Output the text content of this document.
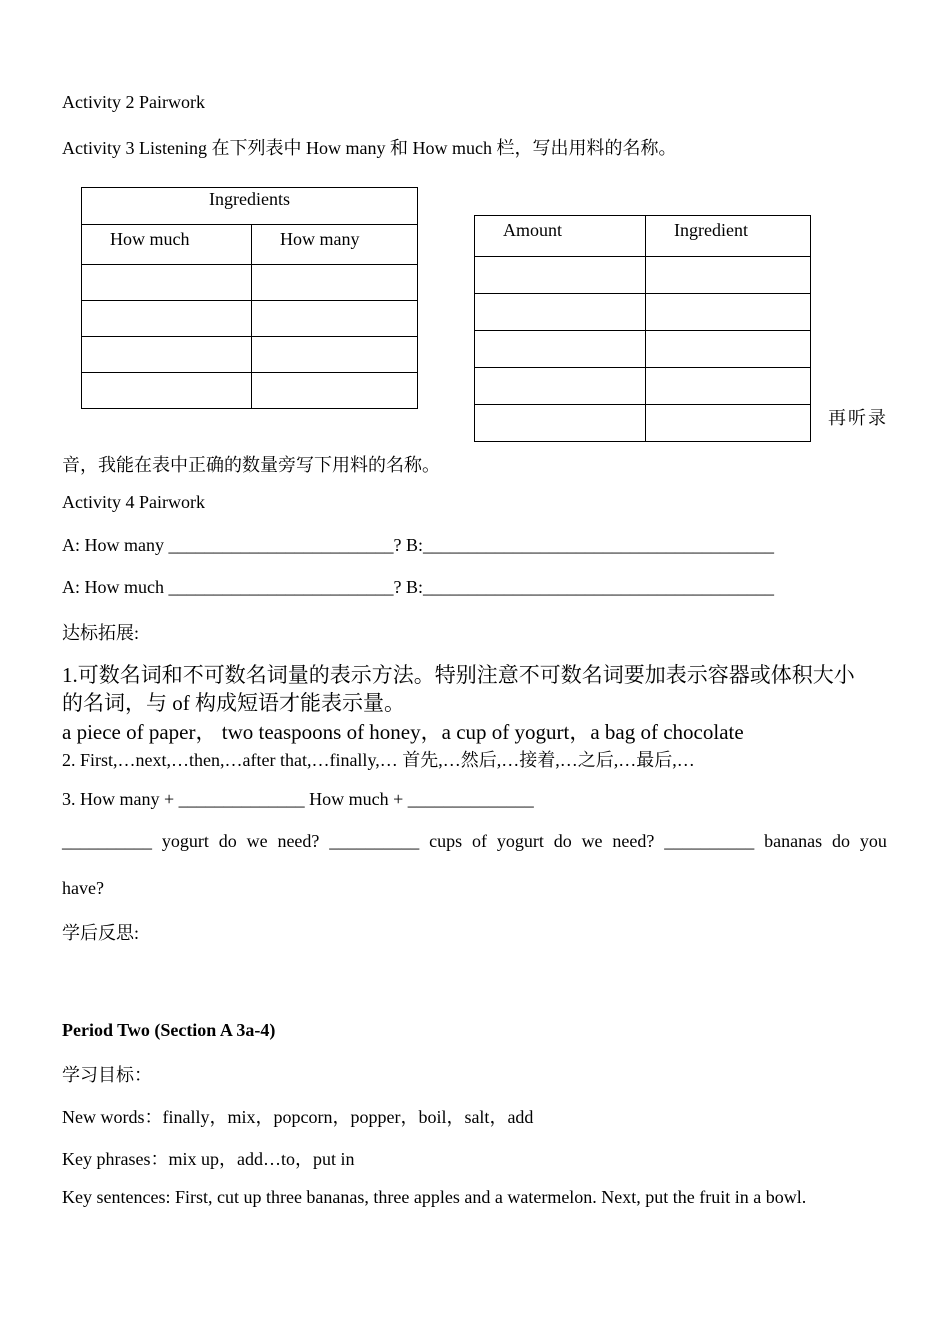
Activity 2 Pairwork
Activity 3 Listening 在下列表中 How many 和 How much 栏，写出用料的名称。
Ingredients	
How much	How many

		Amount	Ingredient

再听录
音，我能在表中正确的数量旁写下用料的名称。
Activity 4 Pairwork
A: How many _________________________? B:_______________________________________
A: How much _________________________? B:_______________________________________
达标拓展:
1.可数名词和不可数名词量的表示方法。特别注意不可数名词要加表示容器或体积大小
的名词，与 of 构成短语才能表示量。
a piece of paper， two teaspoons of honey，a cup of yogurt，a bag of chocolate
2. First,…next,…then,…after that,…finally,… 首先,…然后,…接着,…之后,…最后,…
3. How many + ______________ How much + ______________
__________ yogurt do we need? __________ cups of yogurt do we need? __________ bananas do you
have?
学后反思:
Period Two (Section A 3a-4)
学习目标：
New words：finally，mix，popcorn，popper，boil，salt，add
Key phrases：mix up，add…to，put in
Key sentences: First, cut up three bananas, three apples and a watermelon. Next, put the fruit in a bowl.
